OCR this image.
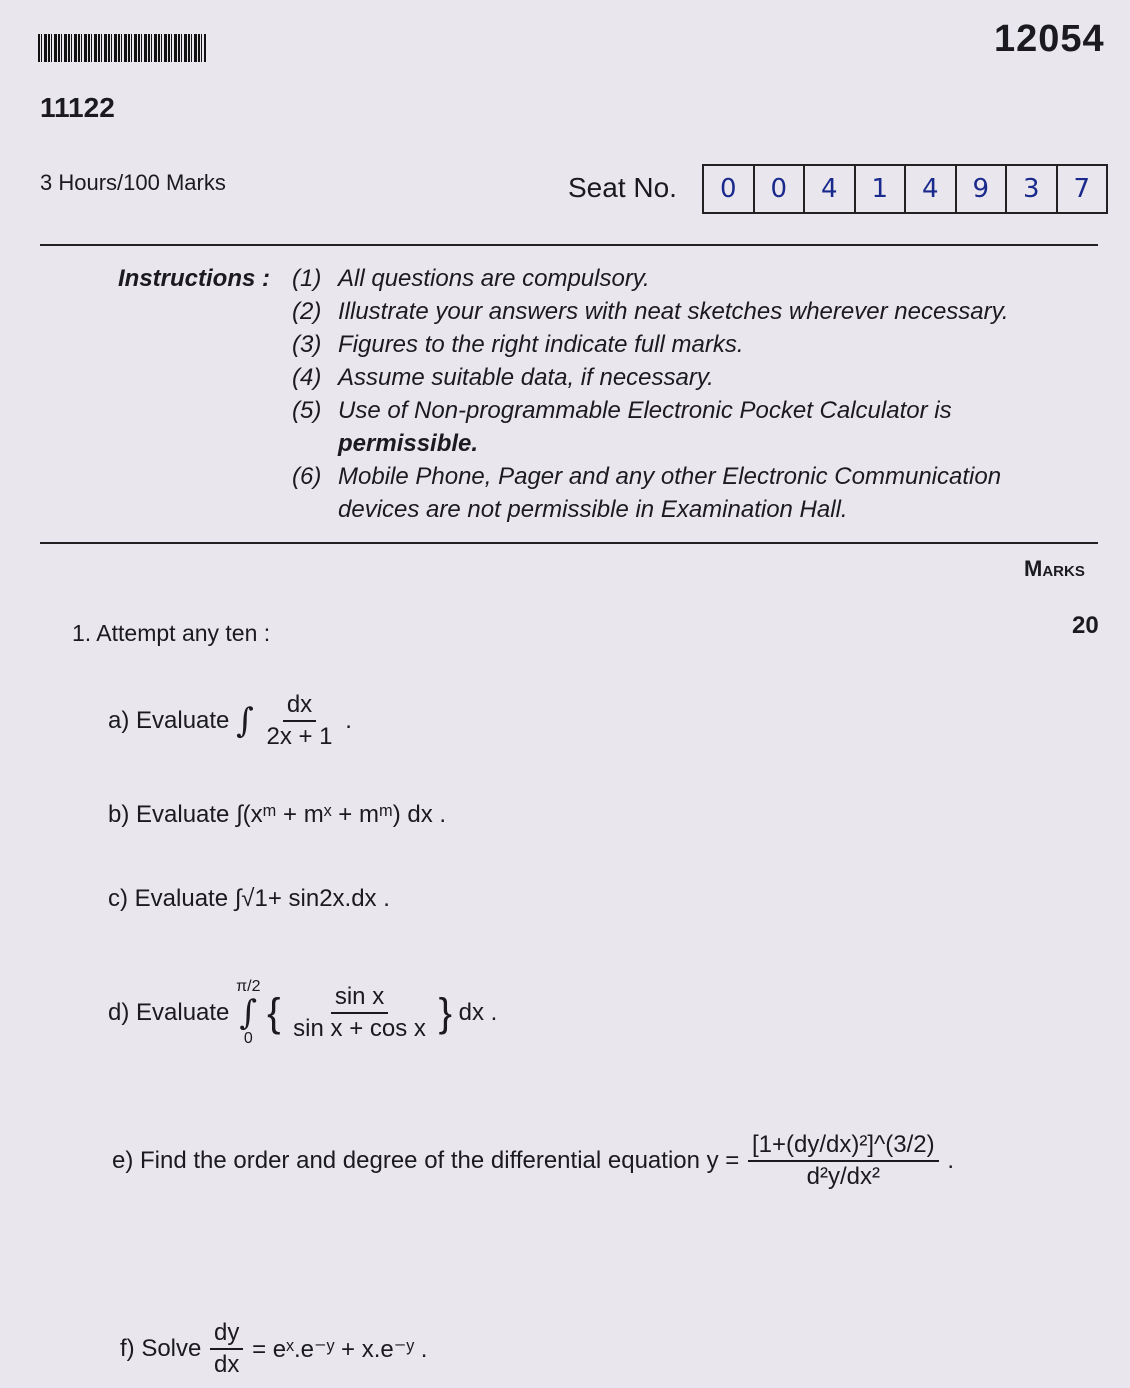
12054
11122
3 Hours/100 Marks	Seat No.	0	0	4	1	4	9	3	7
Instructions : (1) All questions are compulsory.
(2) Illustrate your answers with neat sketches wherever necessary.
(3) Figures to the right indicate full marks.
(4) Assume suitable data, if necessary.
(5) Use of Non-programmable Electronic Pocket Calculator is
permissible.
(6) Mobile Phone, Pager and any other Electronic Communication
devices are not permissible in Examination Hall.
Marks
1. Attempt any ten :	20
a) Evaluate ∫ $\frac{dx}{2x + 1}$ .
b) Evaluate ∫(xᵐ + mˣ + mᵐ) dx .
c) Evaluate ∫√1+ sin2x.dx .
d) Evaluate
π/2
∫
0
{ $\frac{\text{sin x}}{\text{sin x + cos x}}$ } dx .
e) Find the order and degree of the differential equation $y = \frac{\text{[1+(dy/dx)²]\textasciicircum{}(3/2)}}{\text{d²y/dx²}}$ .
f) Solve $\frac{dy}{dx}$ = eˣ.e⁻ʸ + x.e⁻ʸ .
